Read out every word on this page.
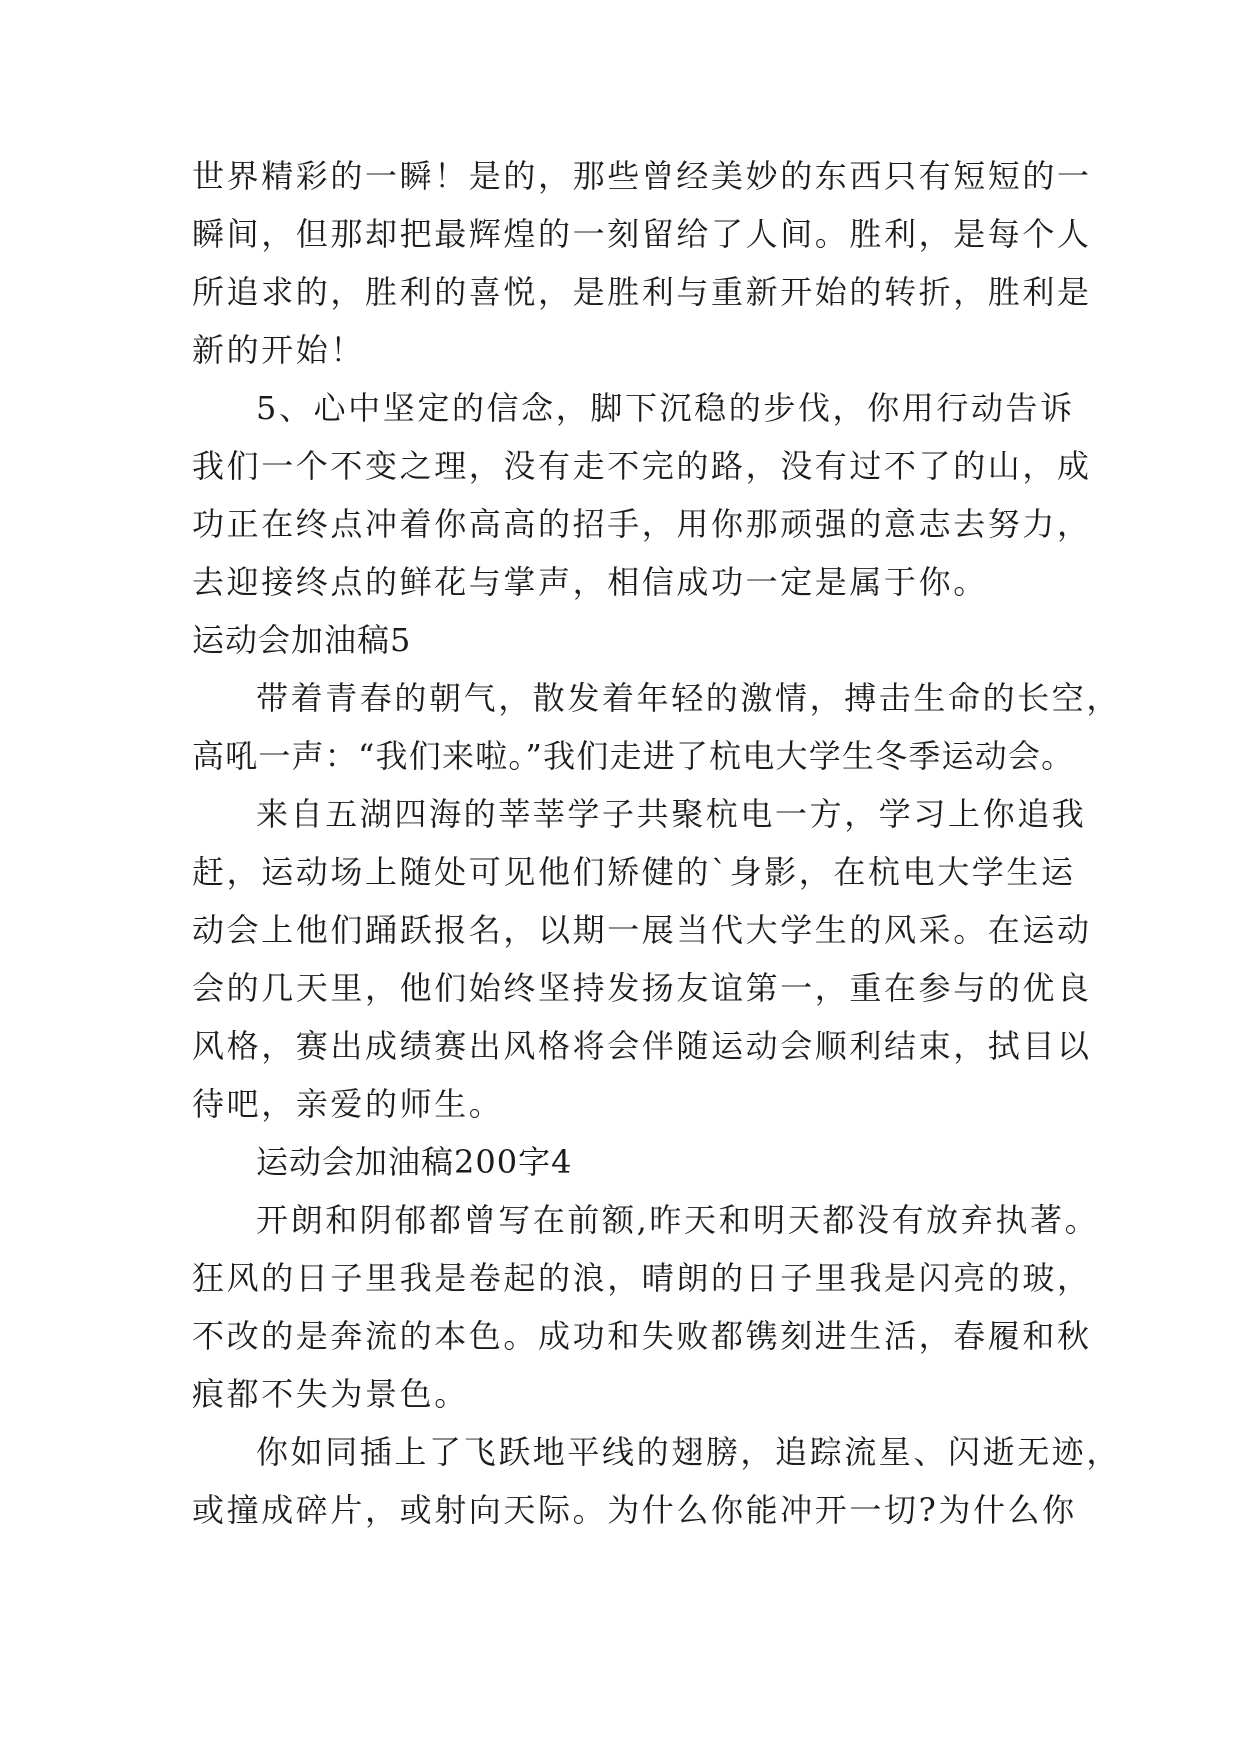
世界精彩的一瞬！是的，那些曾经美妙的东西只有短短的一
瞬间，但那却把最辉煌的一刻留给了人间。胜利，是每个人
所追求的，胜利的喜悦，是胜利与重新开始的转折，胜利是
新的开始！
5、心中坚定的信念，脚下沉稳的步伐，你用行动告诉
我们一个不变之理，没有走不完的路，没有过不了的山，成
功正在终点冲着你高高的招手，用你那顽强的意志去努力，
去迎接终点的鲜花与掌声，相信成功一定是属于你。
运动会加油稿5
带着青春的朝气，散发着年轻的激情，搏击生命的长空，
高吼一声：“我们来啦。”我们走进了杭电大学生冬季运动会。
来自五湖四海的莘莘学子共聚杭电一方，学习上你追我
赶，运动场上随处可见他们矫健的`身影，在杭电大学生运
动会上他们踊跃报名，以期一展当代大学生的风采。在运动
会的几天里，他们始终坚持发扬友谊第一，重在参与的优良
风格，赛出成绩赛出风格将会伴随运动会顺利结束，拭目以
待吧，亲爱的师生。
运动会加油稿200字4
开朗和阴郁都曾写在前额,昨天和明天都没有放弃执著。
狂风的日子里我是卷起的浪，晴朗的日子里我是闪亮的玻，
不改的是奔流的本色。成功和失败都镌刻进生活，春履和秋
痕都不失为景色。
你如同插上了飞跃地平线的翅膀，追踪流星、闪逝无迹，
或撞成碎片，或射向天际。为什么你能冲开一切?为什么你
